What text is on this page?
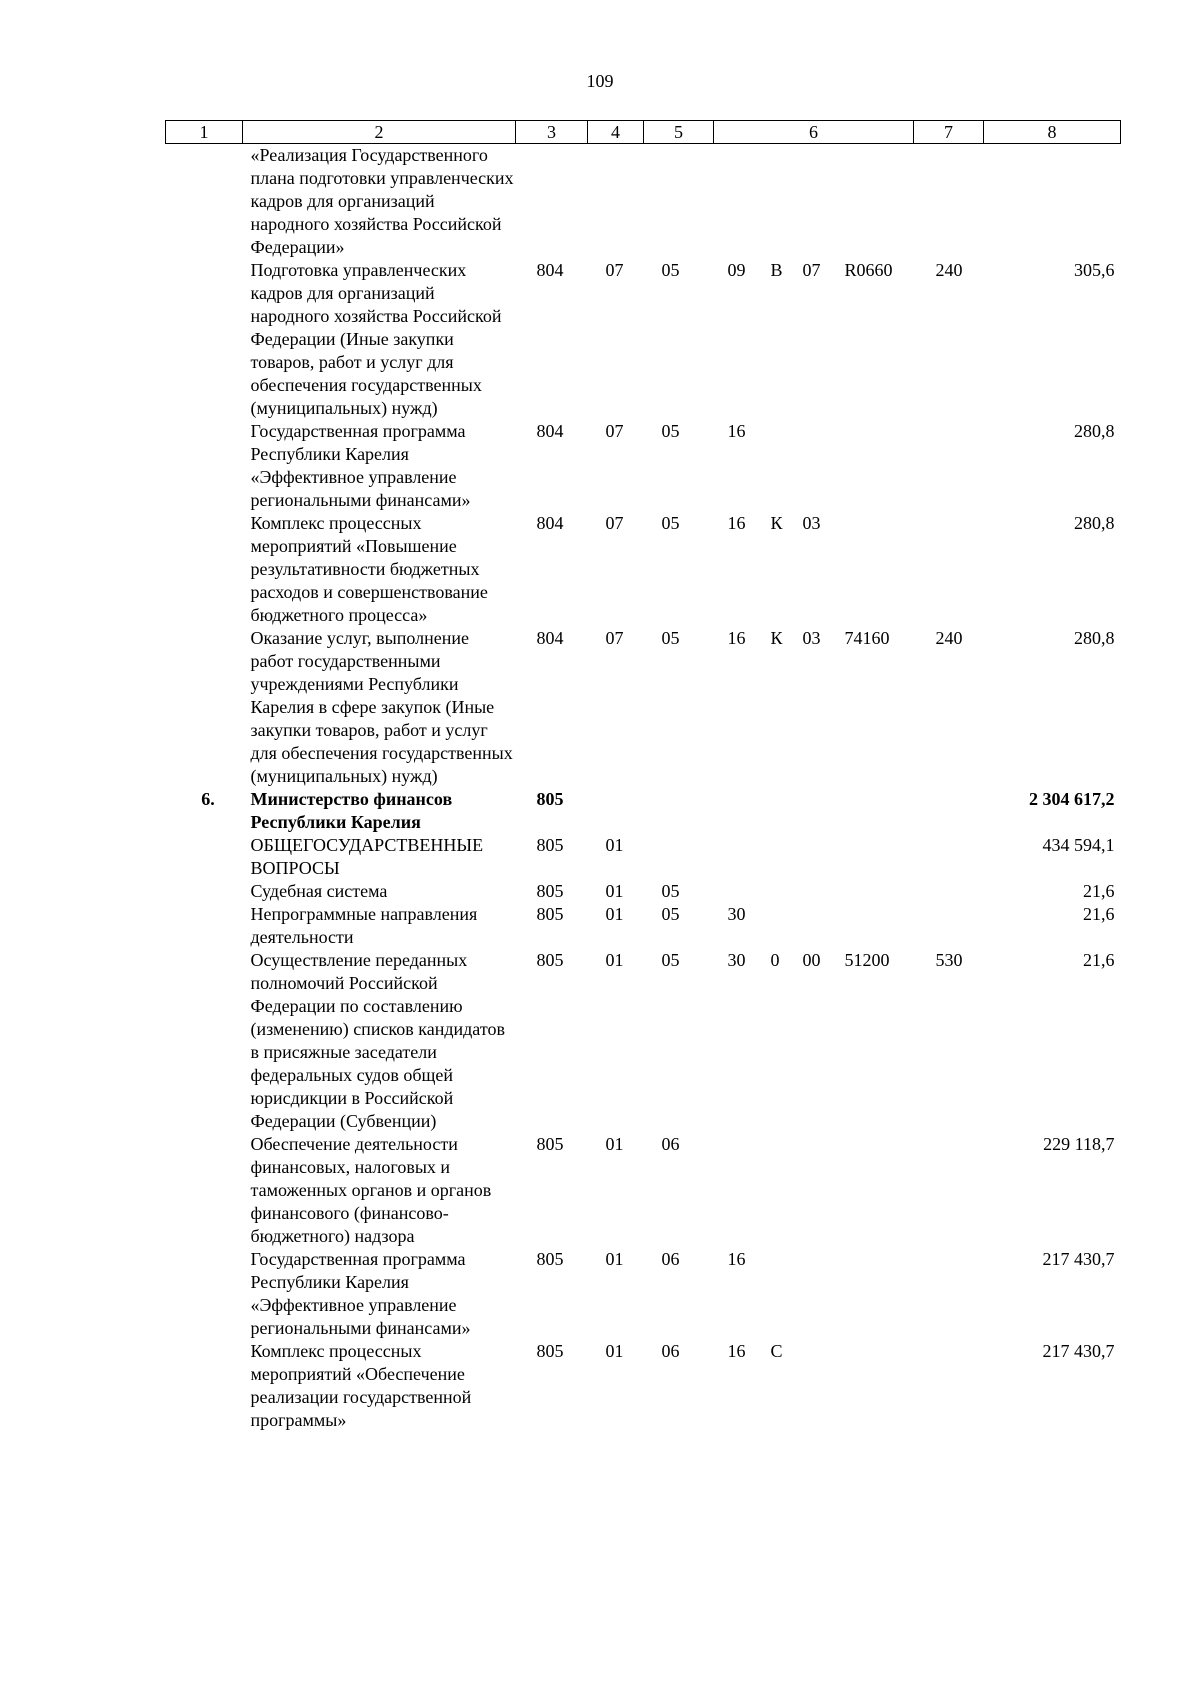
109
1	2	3	4	5	6				7	8
	«Реализация Государственного плана подготовки управленческих кадров для организаций народного хозяйства Российской Федерации»									
	Подготовка управленческих кадров для организаций народного хозяйства Российской Федерации (Иные закупки товаров, работ и услуг для обеспечения государственных (муниципальных) нужд)	804	07	05	09	В	07	R0660	240	305,6
	Государственная программа Республики Карелия «Эффективное управление региональными финансами»	804	07	05	16					280,8
	Комплекс процессных мероприятий «Повышение результативности бюджетных расходов и совершенствование бюджетного процесса»	804	07	05	16	К	03			280,8
	Оказание услуг, выполнение работ государственными учреждениями Республики Карелия в сфере закупок (Иные закупки товаров, работ и услуг для обеспечения государственных (муниципальных) нужд)	804	07	05	16	К	03	74160	240	280,8
6.	Министерство финансов Республики Карелия	805								2 304 617,2
	ОБЩЕГОСУДАРСТВЕННЫЕ ВОПРОСЫ	805	01							434 594,1
	Судебная система	805	01	05						21,6
	Непрограммные направления деятельности	805	01	05	30					21,6
	Осуществление переданных полномочий Российской Федерации по составлению (изменению) списков кандидатов в присяжные заседатели федеральных судов общей юрисдикции в Российской Федерации (Субвенции)	805	01	05	30	0	00	51200	530	21,6
	Обеспечение деятельности финансовых, налоговых и таможенных органов и органов финансового (финансово-бюджетного) надзора	805	01	06						229 118,7
	Государственная программа Республики Карелия «Эффективное управление региональными финансами»	805	01	06	16					217 430,7
	Комплекс процессных мероприятий «Обеспечение реализации государственной программы»	805	01	06	16	С				217 430,7
